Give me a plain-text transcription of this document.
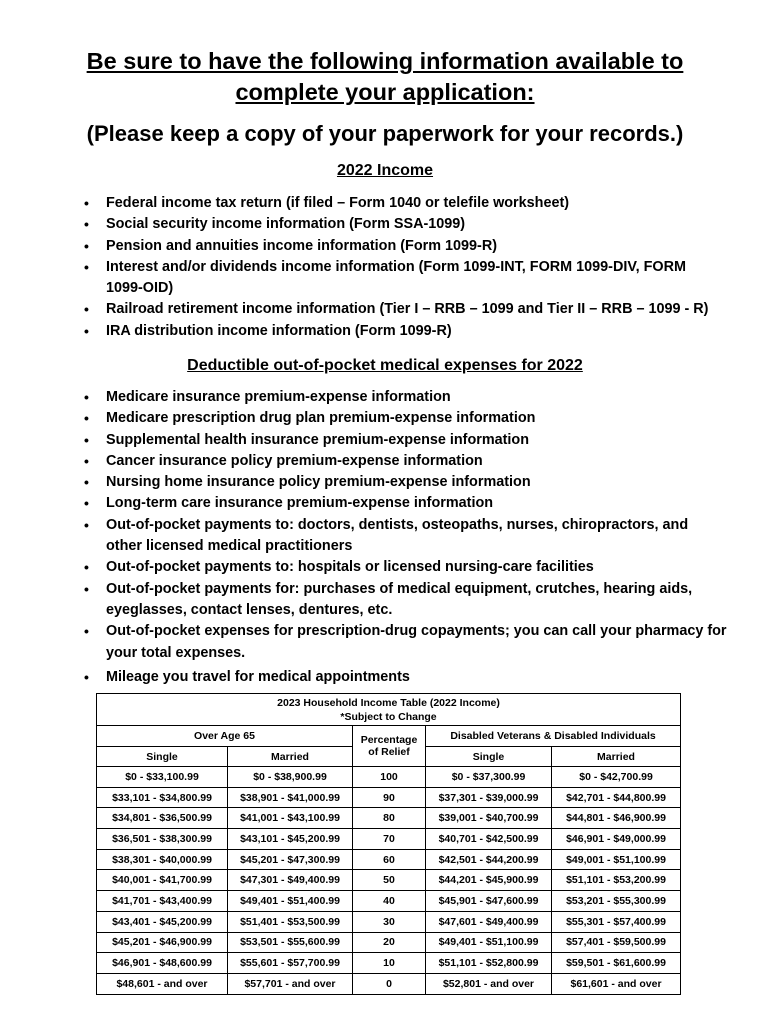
Be sure to have the following information available to
complete your application:
(Please keep a copy of your paperwork for your records.)
2022 Income
• Federal income tax return (if filed – Form 1040 or telefile worksheet)
• Social security income information (Form SSA-1099)
• Pension and annuities income information (Form 1099-R)
• Interest and/or dividends income information (Form 1099-INT, FORM 1099-DIV, FORM 1099-OID)
• Railroad retirement income information (Tier I – RRB – 1099 and Tier II – RRB – 1099 - R)
• IRA distribution income information (Form 1099-R)
Deductible out-of-pocket medical expenses for 2022
• Medicare insurance premium-expense information
• Medicare prescription drug plan premium-expense information
• Supplemental health insurance premium-expense information
• Cancer insurance policy premium-expense information
• Nursing home insurance policy premium-expense information
• Long-term care insurance premium-expense information
• Out-of-pocket payments to: doctors, dentists, osteopaths, nurses, chiropractors, and other licensed medical practitioners
• Out-of-pocket payments to: hospitals or licensed nursing-care facilities
• Out-of-pocket payments for: purchases of medical equipment, crutches, hearing aids, eyeglasses, contact lenses, dentures, etc.
• Out-of-pocket expenses for prescription-drug copayments; you can call your pharmacy for your total expenses.
• Mileage you travel for medical appointments
2023 Household Income Table (2022 Income)
*Subject to Change				

Over Age 65		Percentage of Relief	Disabled Veterans & Disabled Individuals	
Single	Married		Single	Married
$0 - $33,100.99	$0 - $38,900.99	100	$0 - $37,300.99	$0 - $42,700.99
$33,101 - $34,800.99	$38,901 - $41,000.99	90	$37,301 - $39,000.99	$42,701 - $44,800.99
$34,801 - $36,500.99	$41,001 - $43,100.99	80	$39,001 - $40,700.99	$44,801 - $46,900.99
$36,501 - $38,300.99	$43,101 - $45,200.99	70	$40,701 - $42,500.99	$46,901 - $49,000.99
$38,301 - $40,000.99	$45,201 - $47,300.99	60	$42,501 - $44,200.99	$49,001 - $51,100.99
$40,001 - $41,700.99	$47,301 - $49,400.99	50	$44,201 - $45,900.99	$51,101 - $53,200.99
$41,701 - $43,400.99	$49,401 - $51,400.99	40	$45,901 - $47,600.99	$53,201 - $55,300.99
$43,401 - $45,200.99	$51,401 - $53,500.99	30	$47,601 - $49,400.99	$55,301 - $57,400.99
$45,201 - $46,900.99	$53,501 - $55,600.99	20	$49,401 - $51,100.99	$57,401 - $59,500.99
$46,901 - $48,600.99	$55,601 - $57,700.99	10	$51,101 - $52,800.99	$59,501 - $61,600.99
$48,601 - and over	$57,701 - and over	0	$52,801 - and over	$61,601 - and over
